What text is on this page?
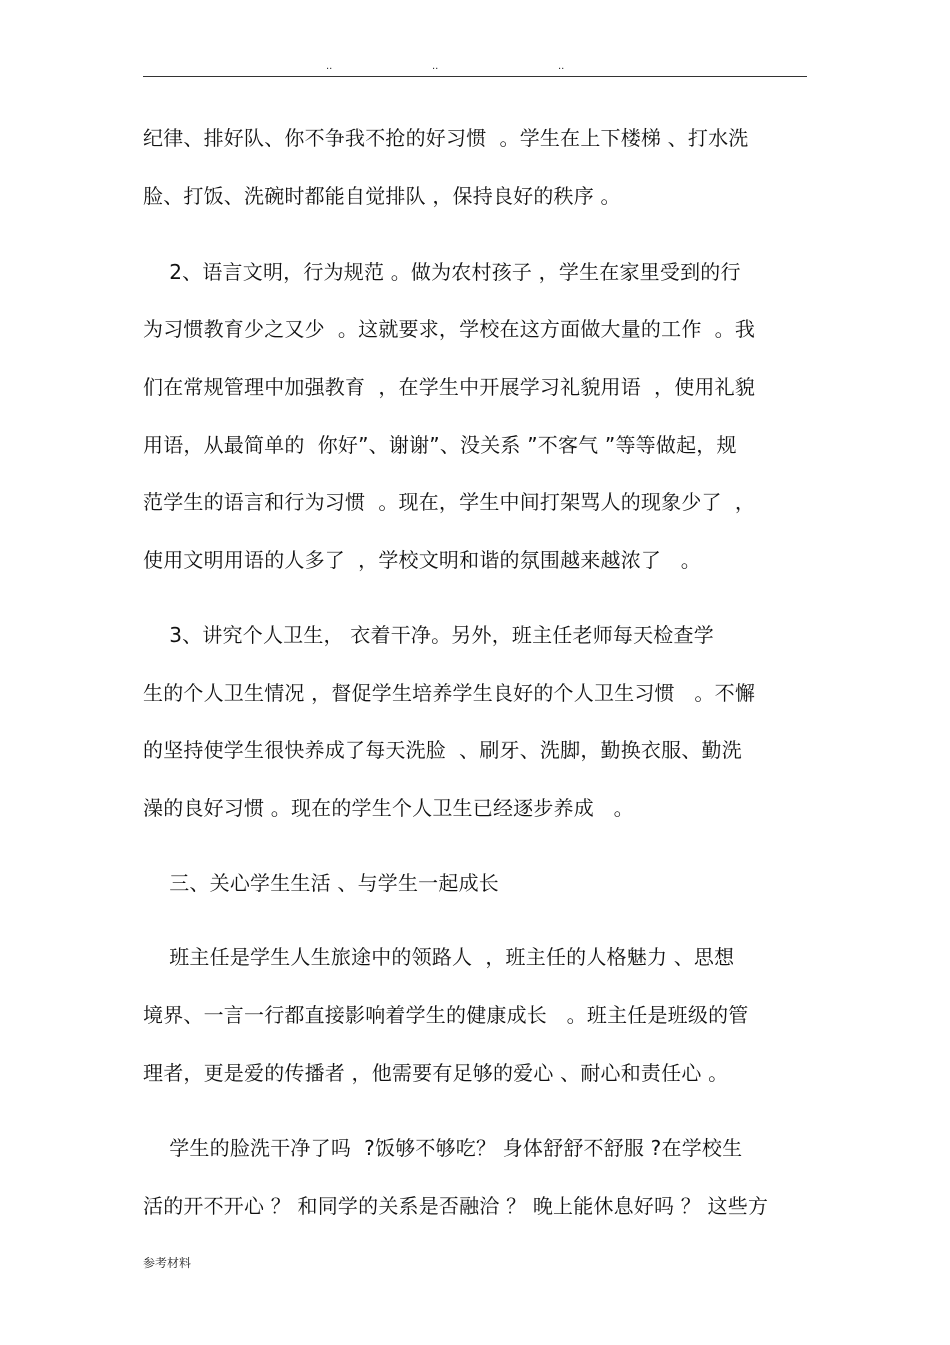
..	..	..
纪律、排好队、你不争我不抢的好习惯  。学生在上下楼梯 、打水洗
脸、打饭、洗碗时都能自觉排队 ，保持良好的秩序 。
2、语言文明，行为规范 。做为农村孩子 ，学生在家里受到的行
为习惯教育少之又少  。这就要求，学校在这方面做大量的工作  。我
们在常规管理中加强教育  ，在学生中开展学习礼貌用语  ，使用礼貌
用语，从最简单的  你好”、谢谢”、没关系 ”不客气 ”等等做起，规
范学生的语言和行为习惯  。现在，学生中间打架骂人的现象少了  ，
使用文明用语的人多了  ，学校文明和谐的氛围越来越浓了   。
3、讲究个人卫生， 衣着干净。另外，班主任老师每天检查学
生的个人卫生情况 ，督促学生培养学生良好的个人卫生习惯   。不懈
的坚持使学生很快养成了每天洗脸  、刷牙、洗脚，勤换衣服、勤洗
澡的良好习惯 。现在的学生个人卫生已经逐步养成   。
三、关心学生生活 、与学生一起成长
班主任是学生人生旅途中的领路人  ，班主任的人格魅力 、思想
境界、一言一行都直接影响着学生的健康成长   。班主任是班级的管
理者，更是爱的传播者 ，他需要有足够的爱心 、耐心和责任心 。
学生的脸洗干净了吗  ?饭够不够吃？ 身体舒舒不舒服 ?在学校生
活的开不开心 ？ 和同学的关系是否融洽 ？ 晚上能休息好吗 ？ 这些方
参考材料
